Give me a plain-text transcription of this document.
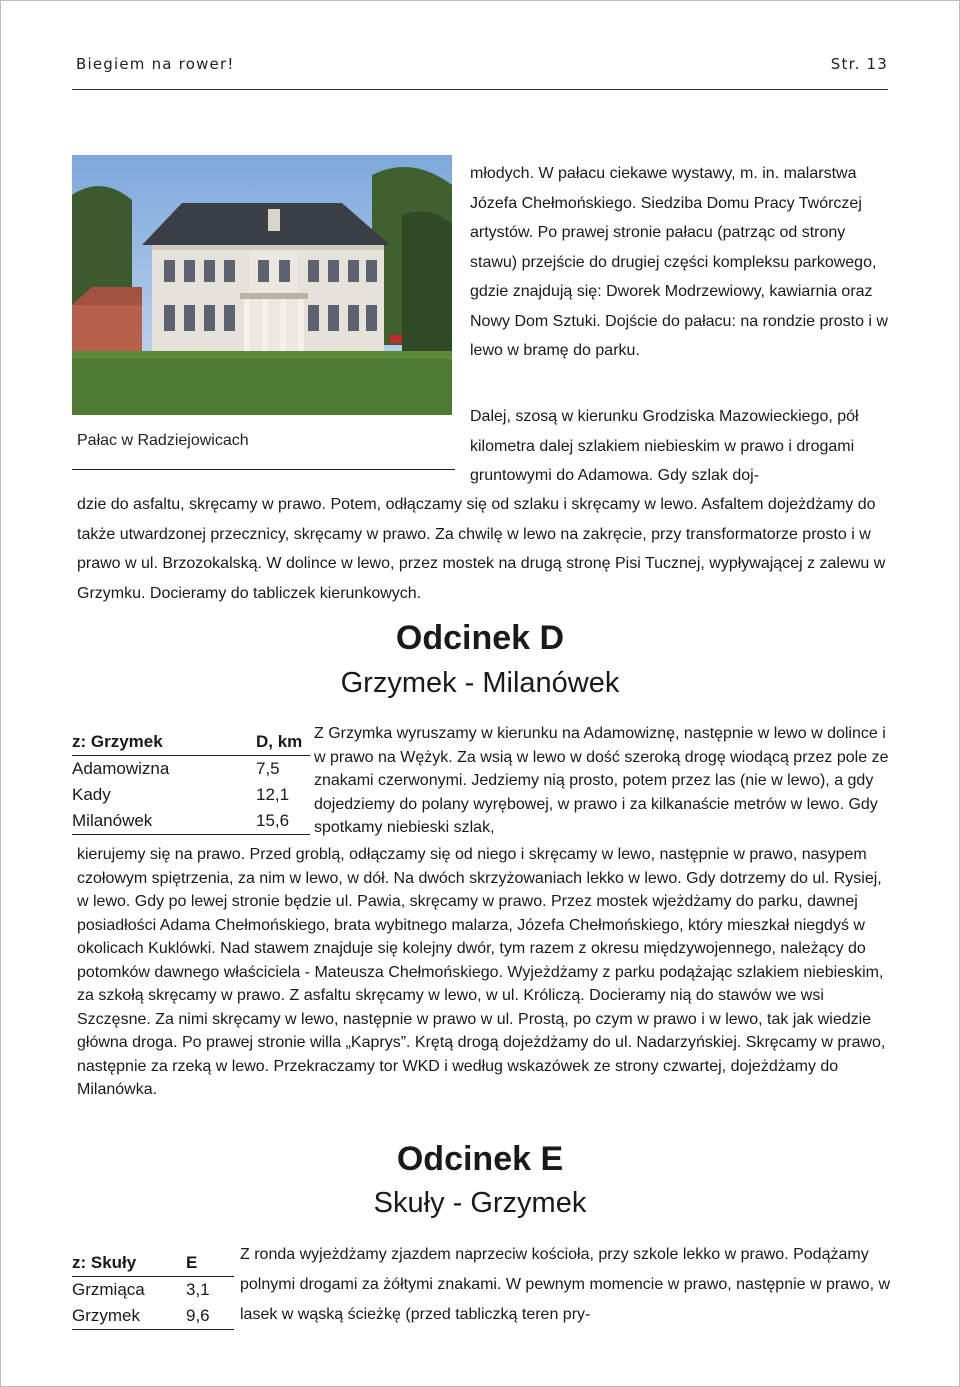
Biegiem na rower!	Str. 13
Pałac w Radziejowicach
młodych. W pałacu ciekawe wystawy, m. in. malarstwa Józefa Chełmońskiego. Siedziba Domu Pracy Twórczej artystów. Po prawej stronie pałacu (patrząc od strony stawu) przejście do drugiej części kompleksu parkowego, gdzie znajdują się: Dworek Modrzewiowy, kawiarnia oraz Nowy Dom Sztuki. Dojście do pałacu: na rondzie prosto i w lewo w bramę do parku.
Dalej, szosą w kierunku Grodziska Mazowieckiego, pół kilometra dalej szlakiem niebieskim w prawo i drogami gruntowymi do Adamowa. Gdy szlak doj-
dzie do asfaltu, skręcamy w prawo. Potem, odłączamy się od szlaku i skręcamy w lewo. Asfaltem dojeżdżamy do także utwardzonej przecznicy, skręcamy w prawo. Za chwilę w lewo na zakręcie, przy transformatorze prosto i w prawo w ul. Brzozokalską. W dolince w lewo, przez mostek na drugą stronę Pisi Tucznej, wypływającej z zalewu w Grzymku. Docieramy do tabliczek kierunkowych.
Odcinek D
Grzymek - Milanówek
z: Grzymek	D, km
Adamowizna	7,5
Kady	12,1
Milanówek	15,6
Z Grzymka wyruszamy w kierunku na Adamowiznę, następnie w lewo w dolince i w prawo na Wężyk. Za wsią w lewo w dość szeroką drogę wiodącą przez pole ze znakami czerwonymi. Jedziemy nią prosto, potem przez las (nie w lewo), a gdy dojedziemy do polany wyrębowej, w prawo i za kilkanaście metrów w lewo. Gdy spotkamy niebieski szlak,
kierujemy się na prawo. Przed groblą, odłączamy się od niego i skręcamy w lewo, następnie w prawo, nasypem czołowym spiętrzenia, za nim w lewo, w dół. Na dwóch skrzyżowaniach lekko w lewo. Gdy dotrzemy do ul. Rysiej, w lewo. Gdy po lewej stronie będzie ul. Pawia, skręcamy w prawo. Przez mostek wjeżdżamy do parku, dawnej posiadłości Adama Chełmońskiego, brata wybitnego malarza, Józefa Chełmońskiego, który mieszkał niegdyś w okolicach Kuklówki. Nad stawem znajduje się kolejny dwór, tym razem z okresu międzywojennego, należący do potomków dawnego właściciela - Mateusza Chełmońskiego. Wyjeżdżamy z parku podążając szlakiem niebieskim, za szkołą skręcamy w prawo. Z asfaltu skręcamy w lewo, w ul. Króliczą. Docieramy nią do stawów we wsi Szczęsne. Za nimi skręcamy w lewo, następnie w prawo w ul. Prostą, po czym w prawo i w lewo, tak jak wiedzie główna droga. Po prawej stronie willa „Kaprys”. Krętą drogą dojeżdżamy do ul. Nadarzyńskiej. Skręcamy w prawo, następnie za rzeką w lewo. Przekraczamy tor WKD i według wskazówek ze strony czwartej, dojeżdżamy do Milanówka.
Odcinek E
Skuły - Grzymek
z: Skuły	E
Grzmiąca	3,1
Grzymek	9,6
Z ronda wyjeżdżamy zjazdem naprzeciw kościoła, przy szkole lekko w prawo. Podążamy polnymi drogami za żółtymi znakami. W pewnym momencie w prawo, następnie w prawo, w lasek w wąską ścieżkę (przed tabliczką teren pry-
